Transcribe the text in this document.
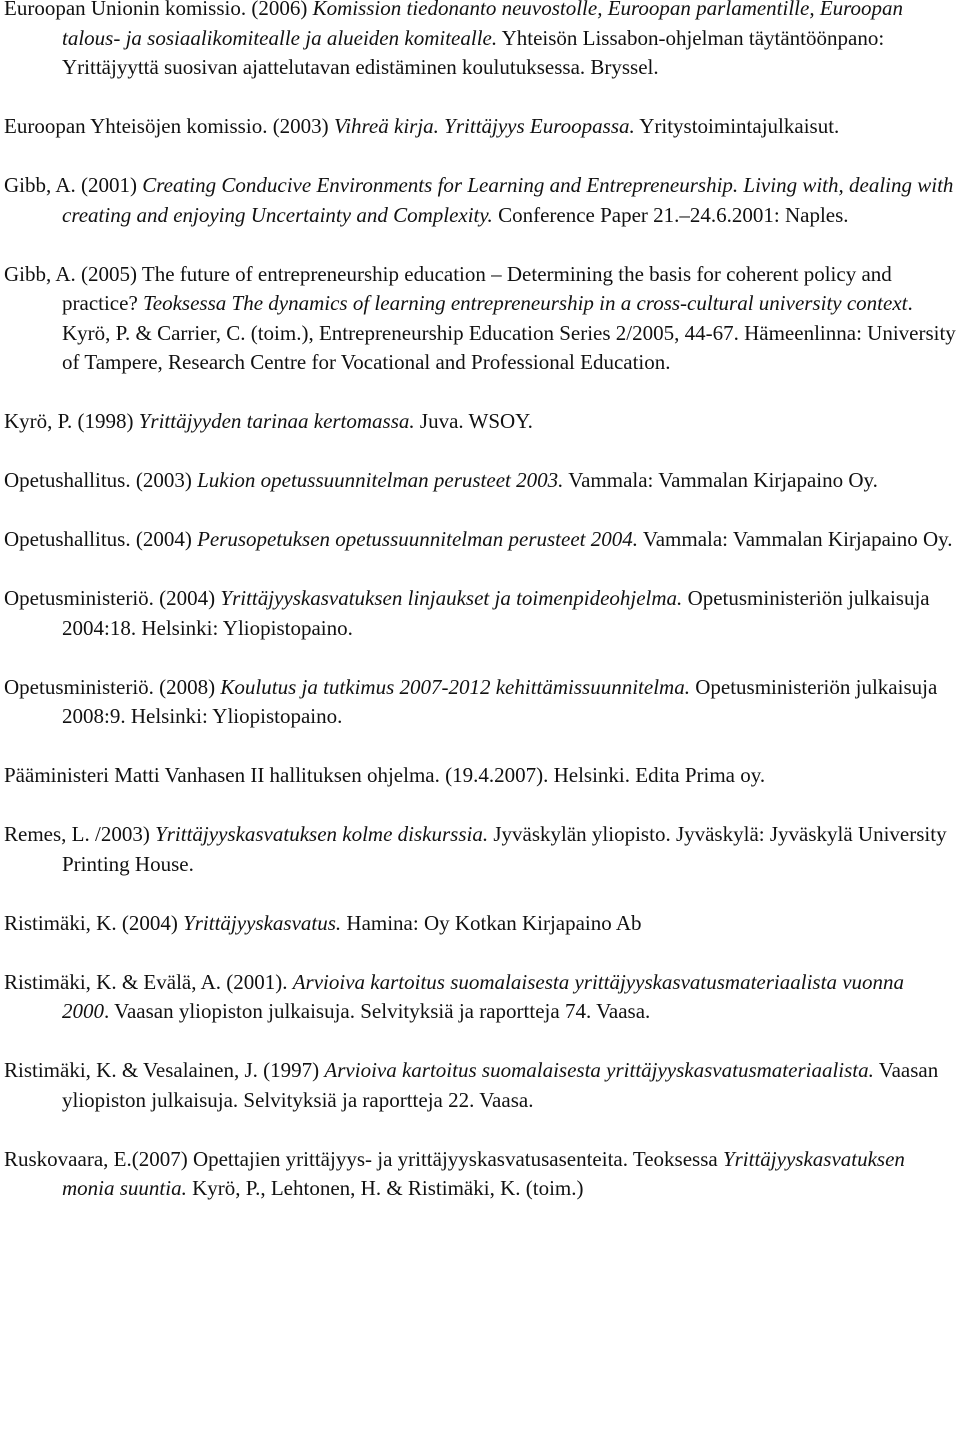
Euroopan Unionin komissio. (2006) Komission tiedonanto neuvostolle, Euroopan parlamentille, Euroopan talous- ja sosiaalikomitealle ja alueiden komitealle. Yhteisön Lissabon-ohjelman täytäntöönpano: Yrittäjyyttä suosivan ajattelutavan edistäminen koulutuksessa. Bryssel.

Euroopan Yhteisöjen komissio. (2003) Vihreä kirja. Yrittäjyys Euroopassa. Yritystoimintajulkaisut.

Gibb, A. (2001) Creating Conducive Environments for Learning and Entrepreneurship. Living with, dealing with creating and enjoying Uncertainty and Complexity. Conference Paper 21.–24.6.2001: Naples.

Gibb, A. (2005) The future of entrepreneurship education – Determining the basis for coherent policy and practice? Teoksessa The dynamics of learning entrepreneurship in a cross-cultural university context. Kyrö, P. & Carrier, C. (toim.), Entrepreneurship Education Series 2/2005, 44-67. Hämeenlinna: University of Tampere, Research Centre for Vocational and Professional Education.

Kyrö, P. (1998) Yrittäjyyden tarinaa kertomassa. Juva. WSOY.

Opetushallitus. (2003) Lukion opetussuunnitelman perusteet 2003. Vammala: Vammalan Kirjapaino Oy.

Opetushallitus. (2004) Perusopetuksen opetussuunnitelman perusteet 2004. Vammala: Vammalan Kirjapaino Oy.

Opetusministeriö. (2004) Yrittäjyyskasvatuksen linjaukset ja toimenpideohjelma. Opetusministeriön julkaisuja 2004:18. Helsinki: Yliopistopaino.

Opetusministeriö. (2008) Koulutus ja tutkimus 2007-2012 kehittämissuunnitelma. Opetusministeriön julkaisuja 2008:9. Helsinki: Yliopistopaino.

Pääministeri Matti Vanhasen II hallituksen ohjelma. (19.4.2007). Helsinki. Edita Prima oy.

Remes, L. /2003) Yrittäjyyskasvatuksen kolme diskurssia. Jyväskylän yliopisto. Jyväskylä: Jyväskylä University Printing House.

Ristimäki, K. (2004) Yrittäjyyskasvatus. Hamina: Oy Kotkan Kirjapaino Ab

Ristimäki, K. & Evälä, A. (2001). Arvioiva kartoitus suomalaisesta yrittäjyyskasvatusmateriaalista vuonna 2000. Vaasan yliopiston julkaisuja. Selvityksiä ja raportteja 74. Vaasa.

Ristimäki, K. & Vesalainen, J. (1997) Arvioiva kartoitus suomalaisesta yrittäjyyskasvatusmateriaalista. Vaasan yliopiston julkaisuja. Selvityksiä ja raportteja 22. Vaasa.

Ruskovaara, E.(2007) Opettajien yrittäjyys- ja yrittäjyyskasvatusasenteita. Teoksessa Yrittäjyyskasvatuksen monia suuntia. Kyrö, P., Lehtonen, H. & Ristimäki, K. (toim.)
